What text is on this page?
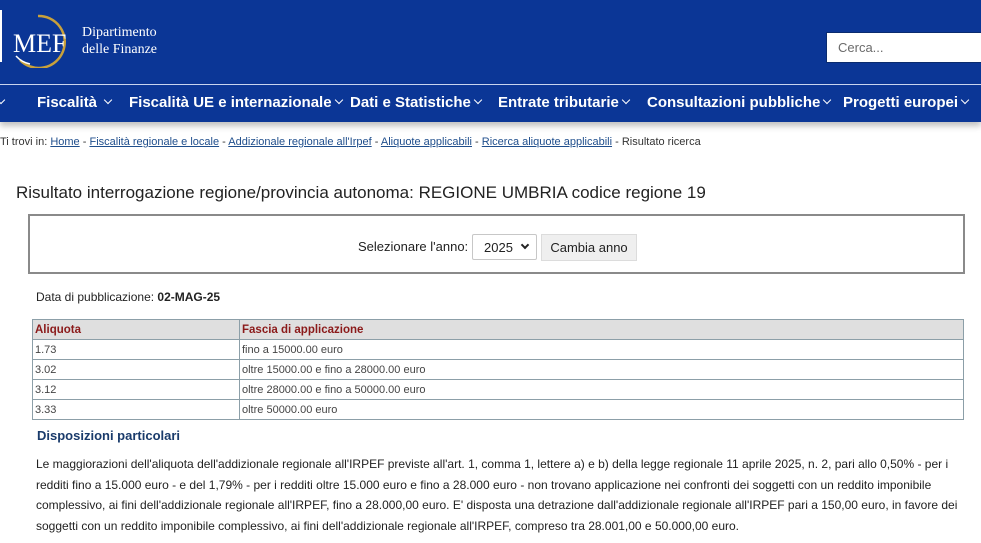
MEF Dipartimento
delle Finanze
Cerca...
Fiscalità	Fiscalità UE e internazionale	Dati e Statistiche	Entrate tributarie	Consultazioni pubbliche	Progetti europei
Ti trovi in: Home - Fiscalità regionale e locale - Addizionale regionale all'Irpef - Aliquote applicabili - Ricerca aliquote applicabili - Risultato ricerca
Risultato interrogazione regione/provincia autonoma: REGIONE UMBRIA codice regione 19
Selezionare l'anno: 2025	Cambia anno
Data di pubblicazione: 02-MAG-25
Aliquota	Fascia di applicazione
1.73	fino a 15000.00 euro
3.02	oltre 15000.00 e fino a 28000.00 euro
3.12	oltre 28000.00 e fino a 50000.00 euro
3.33	oltre 50000.00 euro
Disposizioni particolari

Le maggiorazioni dell'aliquota dell'addizionale regionale all'IRPEF previste all'art. 1, comma 1, lettere a) e b) della legge regionale 11 aprile 2025, n. 2, pari allo 0,50% - per i redditi fino a 15.000 euro - e del 1,79% - per i redditi oltre 15.000 euro e fino a 28.000 euro - non trovano applicazione nei confronti dei soggetti con un reddito imponibile complessivo, ai fini dell'addizionale regionale all'IRPEF, fino a 28.000,00 euro. E' disposta una detrazione dall'addizionale regionale all'IRPEF pari a 150,00 euro, in favore dei soggetti con un reddito imponibile complessivo, ai fini dell'addizionale regionale all'IRPEF, compreso tra 28.001,00 e 50.000,00 euro.
